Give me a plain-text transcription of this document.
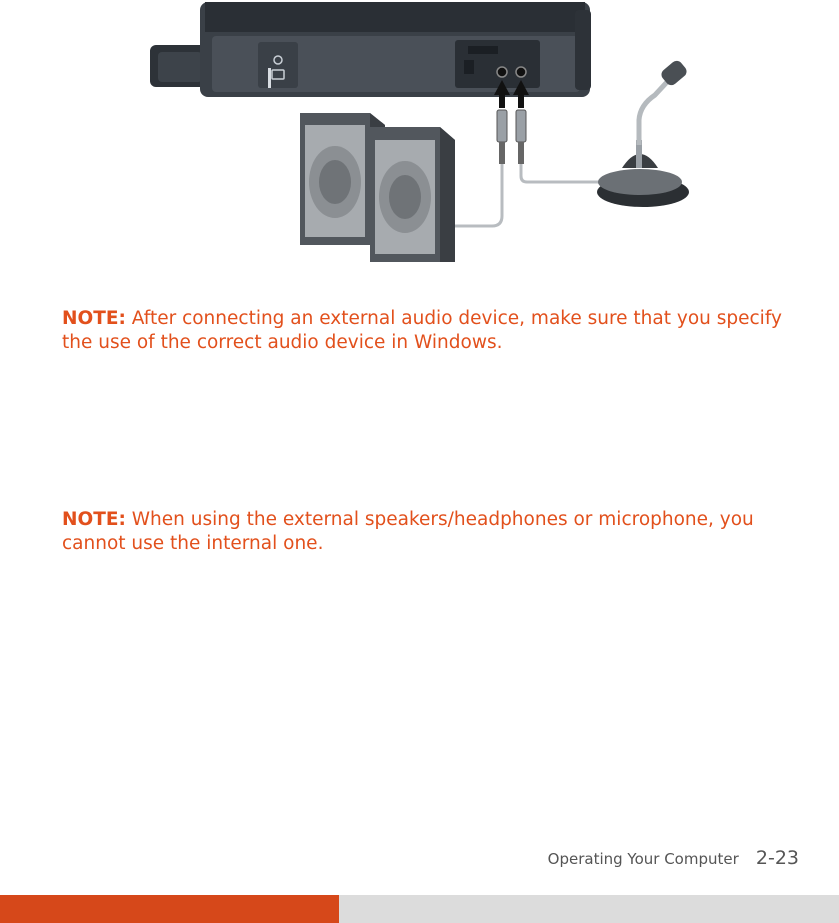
NOTE: After connecting an external audio device, make sure that you specify the use of the correct audio device in Windows.

NOTE: When using the external speakers/headphones or microphone, you cannot use the internal one.

Operating Your Computer 2-23
